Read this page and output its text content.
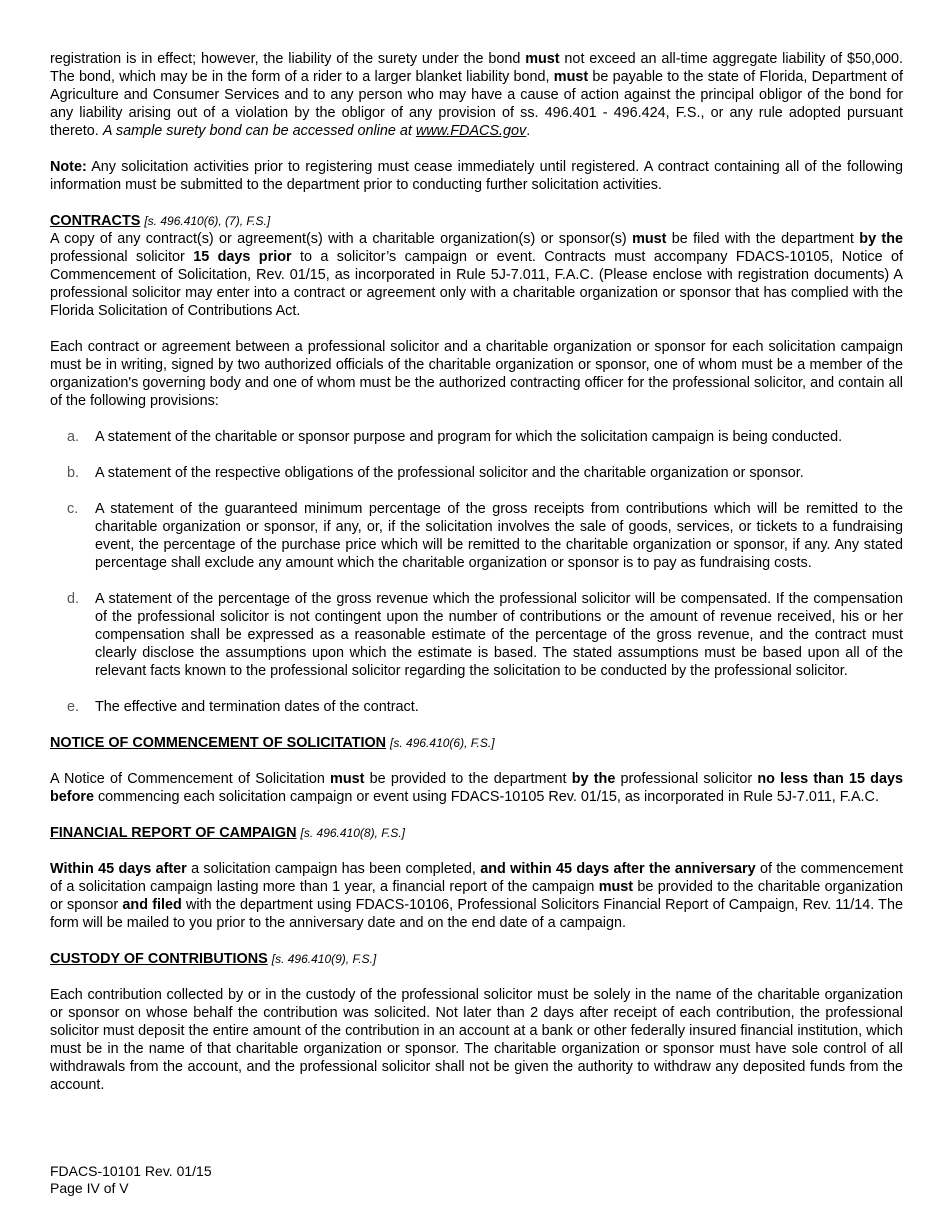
registration is in effect; however, the liability of the surety under the bond must not exceed an all-time aggregate liability of $50,000. The bond, which may be in the form of a rider to a larger blanket liability bond, must be payable to the state of Florida, Department of Agriculture and Consumer Services and to any person who may have a cause of action against the principal obligor of the bond for any liability arising out of a violation by the obligor of any provision of ss. 496.401 - 496.424, F.S., or any rule adopted pursuant thereto. A sample surety bond can be accessed online at www.FDACS.gov.

Note: Any solicitation activities prior to registering must cease immediately until registered. A contract containing all of the following information must be submitted to the department prior to conducting further solicitation activities.

CONTRACTS [s. 496.410(6), (7), F.S.]

A copy of any contract(s) or agreement(s) with a charitable organization(s) or sponsor(s) must be filed with the department by the professional solicitor 15 days prior to a solicitor’s campaign or event. Contracts must accompany FDACS-10105, Notice of Commencement of Solicitation, Rev. 01/15, as incorporated in Rule 5J-7.011, F.A.C. (Please enclose with registration documents) A professional solicitor may enter into a contract or agreement only with a charitable organization or sponsor that has complied with the Florida Solicitation of Contributions Act.

Each contract or agreement between a professional solicitor and a charitable organization or sponsor for each solicitation campaign must be in writing, signed by two authorized officials of the charitable organization or sponsor, one of whom must be a member of the organization's governing body and one of whom must be the authorized contracting officer for the professional solicitor, and contain all of the following provisions:

a. A statement of the charitable or sponsor purpose and program for which the solicitation campaign is being conducted.
b. A statement of the respective obligations of the professional solicitor and the charitable organization or sponsor.
c. A statement of the guaranteed minimum percentage of the gross receipts from contributions which will be remitted to the charitable organization or sponsor, if any, or, if the solicitation involves the sale of goods, services, or tickets to a fundraising event, the percentage of the purchase price which will be remitted to the charitable organization or sponsor, if any. Any stated percentage shall exclude any amount which the charitable organization or sponsor is to pay as fundraising costs.
d. A statement of the percentage of the gross revenue which the professional solicitor will be compensated. If the compensation of the professional solicitor is not contingent upon the number of contributions or the amount of revenue received, his or her compensation shall be expressed as a reasonable estimate of the percentage of the gross revenue, and the contract must clearly disclose the assumptions upon which the estimate is based. The stated assumptions must be based upon all of the relevant facts known to the professional solicitor regarding the solicitation to be conducted by the professional solicitor.
e. The effective and termination dates of the contract.
NOTICE OF COMMENCEMENT OF SOLICITATION [s. 496.410(6), F.S.]

A Notice of Commencement of Solicitation must be provided to the department by the professional solicitor no less than 15 days before commencing each solicitation campaign or event using FDACS-10105 Rev. 01/15, as incorporated in Rule 5J-7.011, F.A.C.

FINANCIAL REPORT OF CAMPAIGN [s. 496.410(8), F.S.]

Within 45 days after a solicitation campaign has been completed, and within 45 days after the anniversary of the commencement of a solicitation campaign lasting more than 1 year, a financial report of the campaign must be provided to the charitable organization or sponsor and filed with the department using FDACS-10106, Professional Solicitors Financial Report of Campaign, Rev. 11/14. The form will be mailed to you prior to the anniversary date and on the end date of a campaign.

CUSTODY OF CONTRIBUTIONS [s. 496.410(9), F.S.]

Each contribution collected by or in the custody of the professional solicitor must be solely in the name of the charitable organization or sponsor on whose behalf the contribution was solicited. Not later than 2 days after receipt of each contribution, the professional solicitor must deposit the entire amount of the contribution in an account at a bank or other federally insured financial institution, which must be in the name of that charitable organization or sponsor. The charitable organization or sponsor must have sole control of all withdrawals from the account, and the professional solicitor shall not be given the authority to withdraw any deposited funds from the account.

FDACS-10101 Rev. 01/15
Page IV of V
